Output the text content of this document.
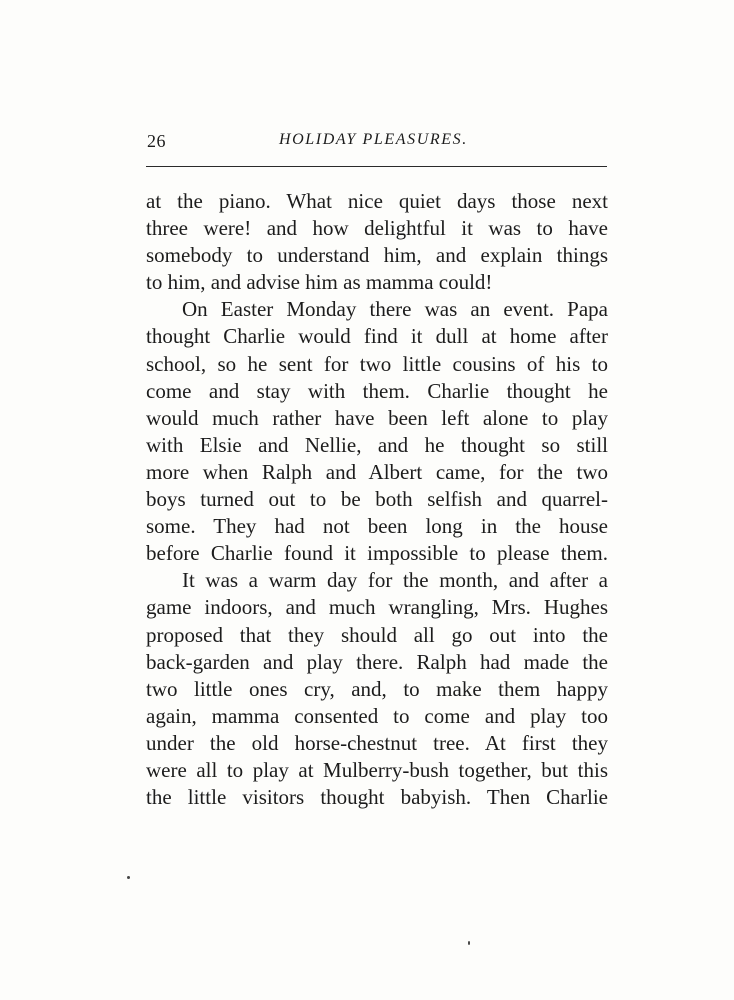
26	HOLIDAY PLEASURES.
at the piano. What nice quiet days those next
three were! and how delightful it was to have
somebody to understand him, and explain things
to him, and advise him as mamma could!
On Easter Monday there was an event. Papa
thought Charlie would find it dull at home after
school, so he sent for two little cousins of his to
come and stay with them. Charlie thought he
would much rather have been left alone to play
with Elsie and Nellie, and he thought so still
more when Ralph and Albert came, for the two
boys turned out to be both selfish and quarrel-
some. They had not been long in the house
before Charlie found it impossible to please them.
It was a warm day for the month, and after a
game indoors, and much wrangling, Mrs. Hughes
proposed that they should all go out into the
back-garden and play there. Ralph had made the
two little ones cry, and, to make them happy
again, mamma consented to come and play too
under the old horse-chestnut tree. At first they
were all to play at Mulberry-bush together, but this
the little visitors thought babyish. Then Charlie
